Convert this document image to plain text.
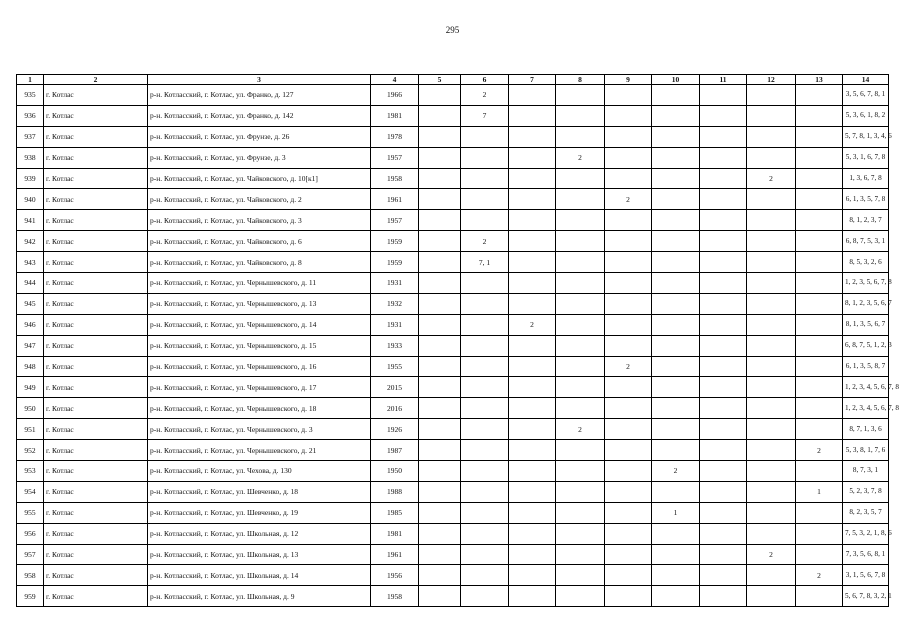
295
1	2	3	4	5	6	7	8	9	10	11	12	13	14
935	г. Котлас	р-н. Котласский, г. Котлас, ул. Франко, д. 127	1966		2								3, 5, 6, 7, 8, 1
936	г. Котлас	р-н. Котласский, г. Котлас, ул. Франко, д. 142	1981		7								5, 3, 6, 1, 8, 2
937	г. Котлас	р-н. Котласский, г. Котлас, ул. Фрунзе, д. 26	1978										5, 7, 8, 1, 3, 4, 6
938	г. Котлас	р-н. Котласский, г. Котлас, ул. Фрунзе, д. 3	1957				2						5, 3, 1, 6, 7, 8
939	г. Котлас	р-н. Котласский, г. Котлас, ул. Чайковского, д. 10[к1]	1958								2		1, 3, 6, 7, 8
940	г. Котлас	р-н. Котласский, г. Котлас, ул. Чайковского, д. 2	1961					2					6, 1, 3, 5, 7, 8
941	г. Котлас	р-н. Котласский, г. Котлас, ул. Чайковского, д. 3	1957										8, 1, 2, 3, 7
942	г. Котлас	р-н. Котласский, г. Котлас, ул. Чайковского, д. 6	1959		2								6, 8, 7, 5, 3, 1
943	г. Котлас	р-н. Котласский, г. Котлас, ул. Чайковского, д. 8	1959		7, 1								8, 5, 3, 2, 6
944	г. Котлас	р-н. Котласский, г. Котлас, ул. Чернышевского, д. 11	1931										1, 2, 3, 5, 6, 7, 8
945	г. Котлас	р-н. Котласский, г. Котлас, ул. Чернышевского, д. 13	1932										8, 1, 2, 3, 5, 6, 7
946	г. Котлас	р-н. Котласский, г. Котлас, ул. Чернышевского, д. 14	1931			2							8, 1, 3, 5, 6, 7
947	г. Котлас	р-н. Котласский, г. Котлас, ул. Чернышевского, д. 15	1933										6, 8, 7, 5, 1, 2, 3
948	г. Котлас	р-н. Котласский, г. Котлас, ул. Чернышевского, д. 16	1955					2					6, 1, 3, 5, 8, 7
949	г. Котлас	р-н. Котласский, г. Котлас, ул. Чернышевского, д. 17	2015										1, 2, 3, 4, 5, 6, 7, 8
950	г. Котлас	р-н. Котласский, г. Котлас, ул. Чернышевского, д. 18	2016										1, 2, 3, 4, 5, 6, 7, 8
951	г. Котлас	р-н. Котласский, г. Котлас, ул. Чернышевского, д. 3	1926				2						8, 7, 1, 3, 6
952	г. Котлас	р-н. Котласский, г. Котлас, ул. Чернышевского, д. 21	1987									2	5, 3, 8, 1, 7, 6
953	г. Котлас	р-н. Котласский, г. Котлас, ул. Чехова, д. 130	1950						2				8, 7, 3, 1
954	г. Котлас	р-н. Котласский, г. Котлас, ул. Шевченко, д. 18	1988									1	5, 2, 3, 7, 8
955	г. Котлас	р-н. Котласский, г. Котлас, ул. Шевченко, д. 19	1985						1				8, 2, 3, 5, 7
956	г. Котлас	р-н. Котласский, г. Котлас, ул. Школьная, д. 12	1981										7, 5, 3, 2, 1, 8, 6
957	г. Котлас	р-н. Котласский, г. Котлас, ул. Школьная, д. 13	1961								2		7, 3, 5, 6, 8, 1
958	г. Котлас	р-н. Котласский, г. Котлас, ул. Школьная, д. 14	1956									2	3, 1, 5, 6, 7, 8
959	г. Котлас	р-н. Котласский, г. Котлас, ул. Школьная, д. 9	1958										5, 6, 7, 8, 3, 2, 1
